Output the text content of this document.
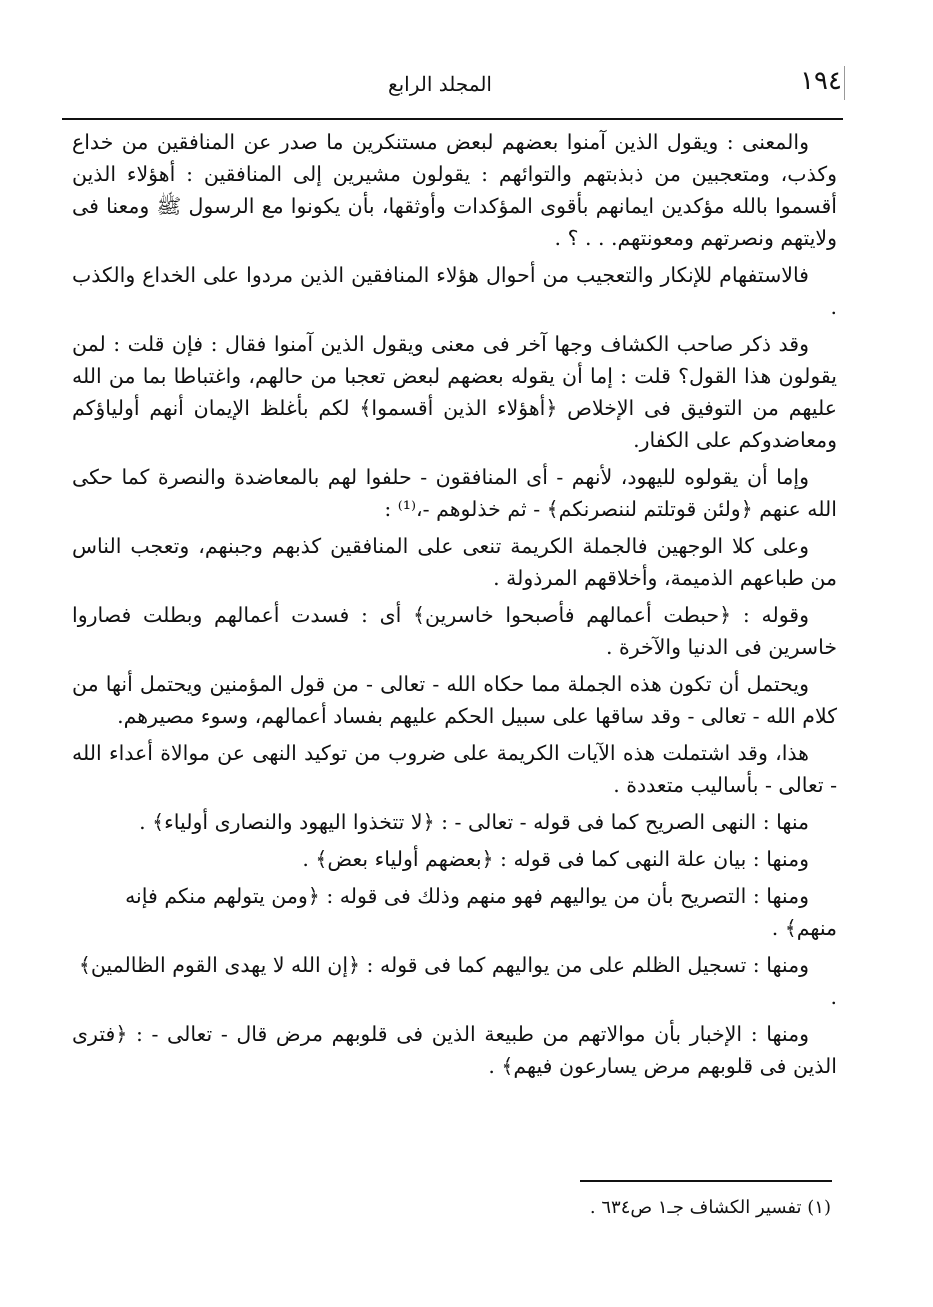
١٩٤
المجلد الرابع

والمعنى : ويقول الذين آمنوا بعضهم لبعض مستنكرين ما صدر عن المنافقين من خداع وكذب، ومتعجبين من ذبذبتهم والتوائهم : يقولون مشيرين إلى المنافقين : أهؤلاء الذين أقسموا بالله مؤكدين ايمانهم بأقوى المؤكدات وأوثقها، بأن يكونوا مع الرسول ﷺ ومعنا فى ولايتهم ونصرتهم ومعونتهم. . . ؟ .

فالاستفهام للإنكار والتعجيب من أحوال هؤلاء المنافقين الذين مردوا على الخداع والكذب .

وقد ذكر صاحب الكشاف وجها آخر فى معنى ويقول الذين آمنوا فقال : فإن قلت : لمن يقولون هذا القول؟ قلت : إما أن يقوله بعضهم لبعض تعجبا من حالهم، واغتباطا بما من الله عليهم من التوفيق فى الإخلاص ﴿أهؤلاء الذين أقسموا﴾ لكم بأغلظ الإيمان أنهم أولياؤكم ومعاضدوكم على الكفار.

وإما أن يقولوه لليهود، لأنهم - أى المنافقون - حلفوا لهم بالمعاضدة والنصرة كما حكى الله عنهم ﴿ولئن قوتلتم لننصرنكم﴾ - ثم خذلوهم -،⁽¹⁾ :

وعلى كلا الوجهين فالجملة الكريمة تنعى على المنافقين كذبهم وجبنهم، وتعجب الناس من طباعهم الذميمة، وأخلاقهم المرذولة .

وقوله : ﴿حبطت أعمالهم فأصبحوا خاسرين﴾ أى : فسدت أعمالهم وبطلت فصاروا خاسرين فى الدنيا والآخرة .

ويحتمل أن تكون هذه الجملة مما حكاه الله - تعالى - من قول المؤمنين ويحتمل أنها من كلام الله - تعالى - وقد ساقها على سبيل الحكم عليهم بفساد أعمالهم، وسوء مصيرهم.

هذا، وقد اشتملت هذه الآيات الكريمة على ضروب من توكيد النهى عن موالاة أعداء الله - تعالى - بأساليب متعددة .

منها : النهى الصريح كما فى قوله - تعالى - : ﴿لا تتخذوا اليهود والنصارى أولياء﴾ .

ومنها : بيان علة النهى كما فى قوله : ﴿بعضهم أولياء بعض﴾ .

ومنها : التصريح بأن من يواليهم فهو منهم وذلك فى قوله : ﴿ومن يتولهم منكم فإنه منهم﴾ .

ومنها : تسجيل الظلم على من يواليهم كما فى قوله : ﴿إن الله لا يهدى القوم الظالمين﴾ .

ومنها : الإخبار بأن موالاتهم من طبيعة الذين فى قلوبهم مرض قال - تعالى - : ﴿فترى الذين فى قلوبهم مرض يسارعون فيهم﴾ .

(١) تفسير الكشاف جـ١ ص٦٣٤ .
